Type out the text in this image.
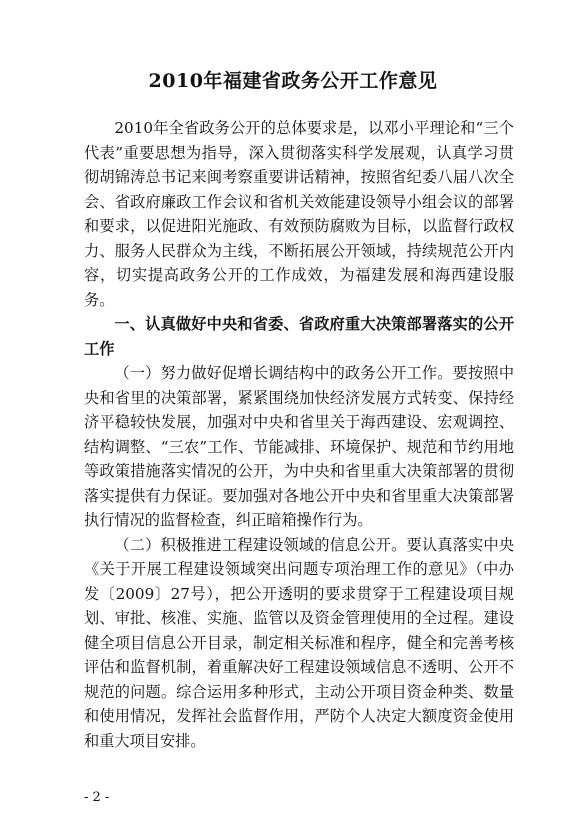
2010年福建省政务公开工作意见

2010年全省政务公开的总体要求是，以邓小平理论和“三个代表”重要思想为指导，深入贯彻落实科学发展观，认真学习贯彻胡锦涛总书记来闽考察重要讲话精神，按照省纪委八届八次全会、省政府廉政工作会议和省机关效能建设领导小组会议的部署和要求，以促进阳光施政、有效预防腐败为目标，以监督行政权力、服务人民群众为主线，不断拓展公开领域，持续规范公开内容，切实提高政务公开的工作成效，为福建发展和海西建设服务。

一、认真做好中央和省委、省政府重大决策部署落实的公开工作

（一）努力做好促增长调结构中的政务公开工作。要按照中央和省里的决策部署，紧紧围绕加快经济发展方式转变、保持经济平稳较快发展，加强对中央和省里关于海西建设、宏观调控、结构调整、“三农”工作、节能减排、环境保护、规范和节约用地等政策措施落实情况的公开，为中央和省里重大决策部署的贯彻落实提供有力保证。要加强对各地公开中央和省里重大决策部署执行情况的监督检查，纠正暗箱操作行为。

（二）积极推进工程建设领域的信息公开。要认真落实中央《关于开展工程建设领域突出问题专项治理工作的意见》（中办发〔2009〕27号），把公开透明的要求贯穿于工程建设项目规划、审批、核准、实施、监管以及资金管理使用的全过程。建设健全项目信息公开目录，制定相关标准和程序，健全和完善考核评估和监督机制，着重解决好工程建设领域信息不透明、公开不规范的问题。综合运用多种形式，主动公开项目资金种类、数量和使用情况，发挥社会监督作用，严防个人决定大额度资金使用和重大项目安排。

- 2 -
